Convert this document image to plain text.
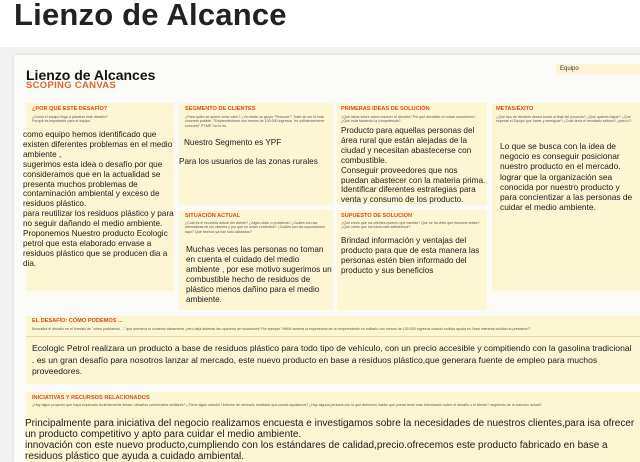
Lienzo de Alcance
Lienzo de Alcances
SCOPING CANVAS
Equipo
¿POR QUÉ ESTE DESAFÍO?
¿Cómo el equipo llegó a plantear este desafío?
Porqué es importante para el equipo.
como equipo hemos identificado que existen diferentes problemas en el medio ambiente ,
sugerimos esta idea o desafío por que consideramos que en la actualidad se presenta muchos problemas de contaminación ambiental y exceso de residuos plástico.
para reutilizar los residuos plástico y para no seguir dañando el medio ambiente.
Proponemos Nuestro producto Ecologic petrol que esta elaborado envase a residuos plástico que se producen dia a dia.
SEGMENTO DE CLIENTES
¿Para quién se quiere crear valor? ¿Ya existe un grupo "Persona"? Trate de ser lo más concreto posible. "Emprendedores con menos de 100.000 ingresos "es suficientemente concreto" PYME "no lo es.
Nuestro Segmento es YPF
Para los usuarios de las zonas rurales
PRIMERAS IDEAS DE SOLUCIÓN
¿Qué ideas sobre cómo resolver el desafío? Por que decidiste en estas soluciones?, ¿Qué está haciendo la competencia?
Producto para aquellas personas del área rural que están alejadas de la ciudad y necesitan abastecerse con combustible.
Conseguir proveedores que nos puedan abastecer con la materia prima.
Identificar diferentes estrategias para venta y consumo de los producto.
METAS/ÉXITO
¿Qué tipo de decisión desea tomar al final del proyecto? ¿Qué quieres lograr? ¿Qué esperas el Equipo que hacer y averiguar? ¿Cuál sería el resultado exitoso? ¿para tí?
Lo que se busca con la idea de negocio es conseguir posicionar nuestro producto en el mercado. lograr que la organización sea conocida por nuestro producto y para concientizar a las personas de cuidar el medio ambiente.
SITUACIÓN ACTUAL
¿Cuál es el recorrido actual del cliente? ¿Algún dolor o problema? ¿Cuáles son las alternativas de los clientes y por qué no están contentos? ¿Cuáles son las suposiciones aquí? Qué hechos ya han sido validados?
Muchas veces las personas no toman en cuenta el cuidado del medio ambiente , por ese motivo sugerimos un combustible hecho de residuos de plástico menos dañino para el medio ambiente.
SUPUESTO DE SOLUCION
¿Qué crees que los clientes quieren que cambie? Que se ha visto que funcione antes? ¿Qué crees que los haría más satisfechos?
Brindad información y ventajas del producto para que de esta manera las personas estén bien informado del producto y sus beneficios
EL DESAFÍO: CÓMO PODEMOS ...
Encuadra el desafío en el formato de "cómo podríamos ..." que enmarca el contexto claramente, pero deja abiertas las opciones de soluciones! Por ejemplo "HMW acelera la experiencia de un emprendedor en solitario con menos de 100.000 ingresos cuando solicita ayuda en línea mientras solicita un préstamo?"
Ecologic Petrol realizara un producto a base de residuos plástico para todo tipo de vehículo, con un precio accesible y compitiendo con la gasolina tradicional . es un gran desafío para nosotros lanzar al mercado, este nuevo producto en base a residuos plástico,que generara fuente de empleo para muchos proveedores.
INICIATIVAS Y RECURSOS RELACIONADOS
¿Hay algún proyecto que haya explorado recientemente áreas / desafíos comerciales similares? ¿Tiene algún estudio / informe de mercado realizado que pueda ayudarnos? ¿Hay alguna persona con la que debemos hablar que pueda tener más información sobre el desafío o el cliente? segmento de la solución actual?
Principalmente para iniciativa del negocio realizamos encuesta e investigamos sobre la necesidades de nuestros clientes,para isa ofrecer un producto competitivo y apto para cuidar el medio ambiente.
innovación con este nuevo producto,cumpliendo con los estándares de calidad,precio.ofrecemos este producto fabricado en base a residuos plástico que ayuda a cuidado ambiental.
